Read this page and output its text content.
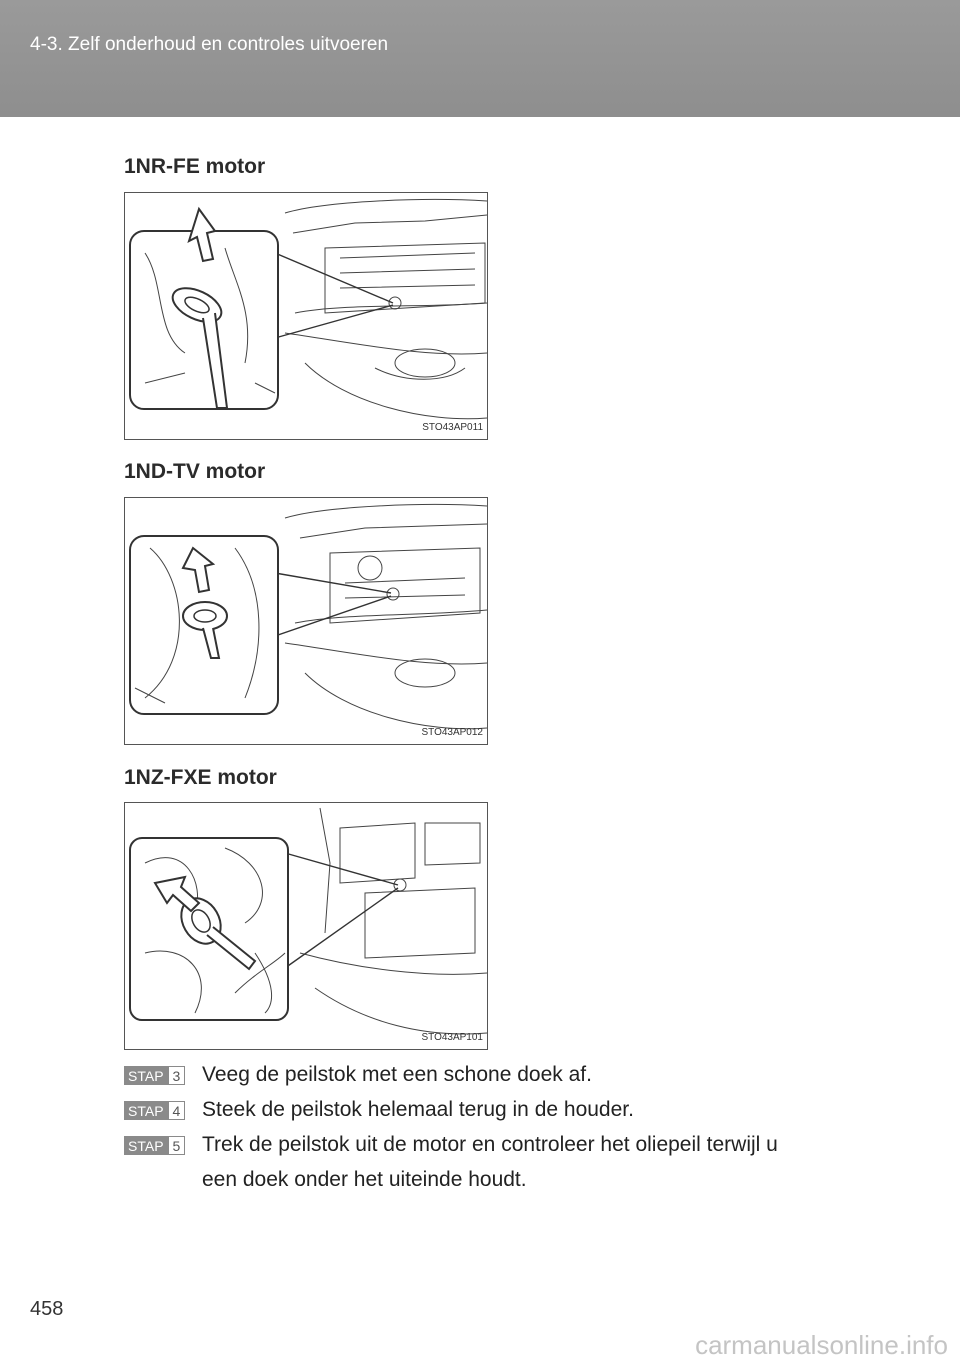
4-3. Zelf onderhoud en controles uitvoeren
1NR-FE motor
STO43AP011
1ND-TV motor
STO43AP012
1NZ-FXE motor
STO43AP101
STAP 3 Veeg de peilstok met een schone doek af.
STAP 4 Steek de peilstok helemaal terug in de houder.
STAP 5 Trek de peilstok uit de motor en controleer het oliepeil terwijl u
een doek onder het uiteinde houdt.
458
carmanualsonline.info
